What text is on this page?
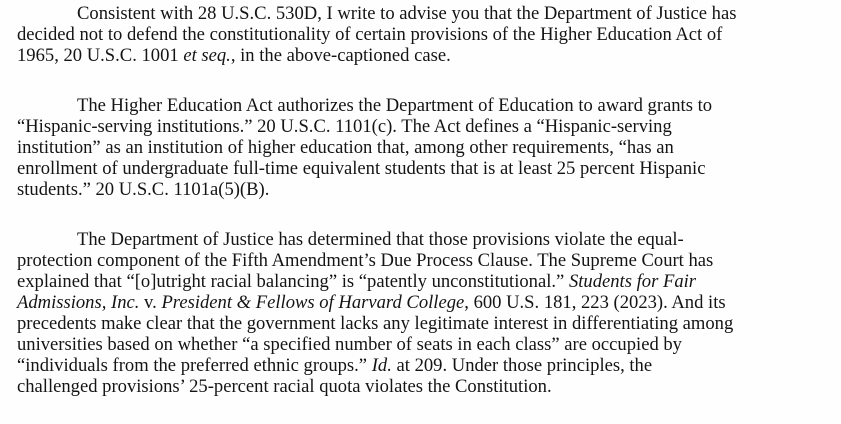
Consistent with 28 U.S.C. 530D, I write to advise you that the Department of Justice has
decided not to defend the constitutionality of certain provisions of the Higher Education Act of
1965, 20 U.S.C. 1001 et seq., in the above-captioned case.

The Higher Education Act authorizes the Department of Education to award grants to
“Hispanic-serving institutions.” 20 U.S.C. 1101(c). The Act defines a “Hispanic-serving
institution” as an institution of higher education that, among other requirements, “has an
enrollment of undergraduate full-time equivalent students that is at least 25 percent Hispanic
students.” 20 U.S.C. 1101a(5)(B).

The Department of Justice has determined that those provisions violate the equal-
protection component of the Fifth Amendment’s Due Process Clause. The Supreme Court has
explained that “[o]utright racial balancing” is “patently unconstitutional.” Students for Fair
Admissions, Inc. v. President & Fellows of Harvard College, 600 U.S. 181, 223 (2023). And its
precedents make clear that the government lacks any legitimate interest in differentiating among
universities based on whether “a specified number of seats in each class” are occupied by
“individuals from the preferred ethnic groups.” Id. at 209. Under those principles, the
challenged provisions’ 25-percent racial quota violates the Constitution.
